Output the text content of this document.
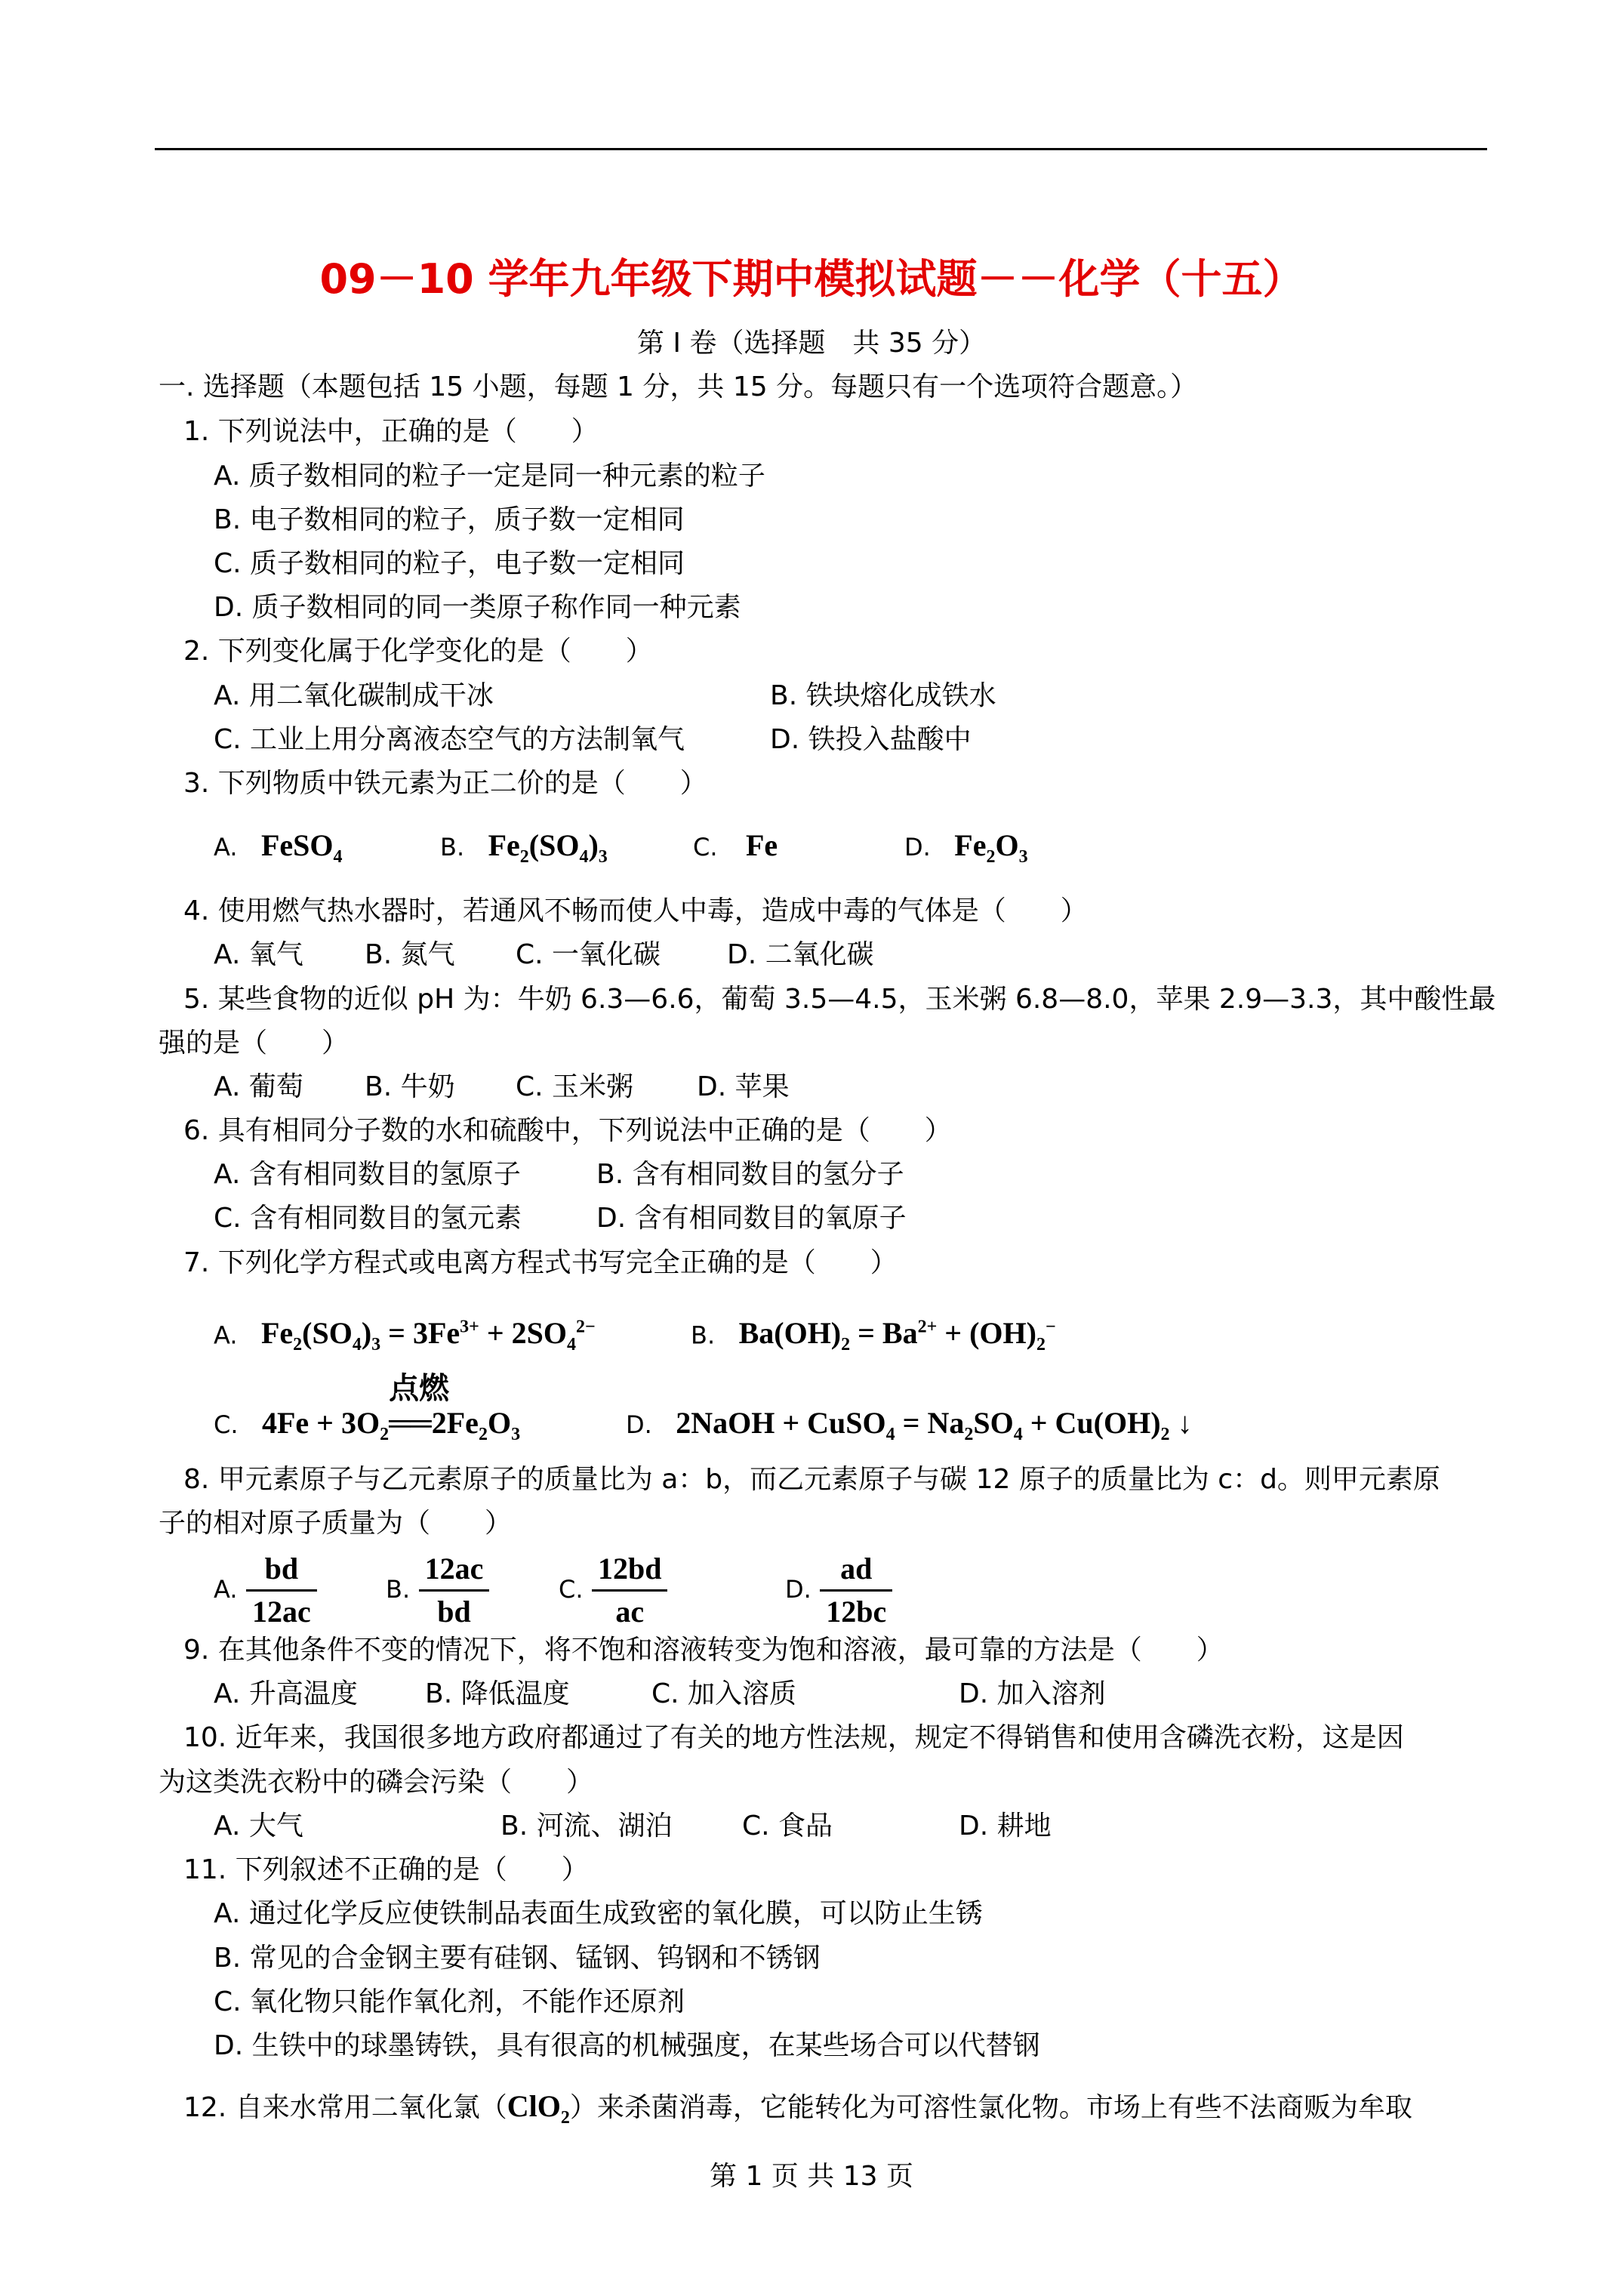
09－10 学年九年级下期中模拟试题－－化学（十五）
第 I 卷（选择题　共 35 分）
一. 选择题（本题包括 15 小题，每题 1 分，共 15 分。每题只有一个选项符合题意。）
1. 下列说法中，正确的是（　　）
A. 质子数相同的粒子一定是同一种元素的粒子
B. 电子数相同的粒子，质子数一定相同
C. 质子数相同的粒子，电子数一定相同
D. 质子数相同的同一类原子称作同一种元素
2. 下列变化属于化学变化的是（　　）
A. 用二氧化碳制成干冰	B. 铁块熔化成铁水
C. 工业上用分离液态空气的方法制氧气	D. 铁投入盐酸中
3. 下列物质中铁元素为正二价的是（　　）
A.   FeSO$_4$	B.   $Fe_2(SO_4)_3$	C. Fe	D.   $Fe_2O_3$
4. 使用燃气热水器时，若通风不畅而使人中毒，造成中毒的气体是（　　）
A. 氧气 B. 氮气 C. 一氧化碳 D. 二氧化碳
5. 某些食物的近似 pH 为：牛奶 6.3—6.6，葡萄 3.5—4.5，玉米粥 6.8—8.0，苹果 2.9—3.3，其中酸性最
强的是（　　）
A. 葡萄 B. 牛奶 C. 玉米粥 D. 苹果
6. 具有相同分子数的水和硫酸中，下列说法中正确的是（　　）
A. 含有相同数目的氢原子	B. 含有相同数目的氢分子
C. 含有相同数目的氢元素	D. 含有相同数目的氧原子
7. 下列化学方程式或电离方程式书写完全正确的是（　　）
A.   $Fe_2(SO_4)_3 = 3Fe^{3+} + 2SO_4^{2-}$	B.   $Ba(OH)_2 = Ba^{2+} + (OH)_2^-$
C.   $4Fe + 3O_2$
点燃
$══2Fe_2O_3$	D.   2NaOH + CuSO$_4$ = $Na_2SO_4 + Cu(OH)_2$ ↓
8. 甲元素原子与乙元素原子的质量比为 a：b，而乙元素原子与碳 12 原子的质量比为 c：d。则甲元素原
子的相对原子质量为（　　）
A. $\frac{bd}{12ac}$	B. $\frac{12ac}{bd}$	C. $\frac{12bd}{ac}$	D. $\frac{ad}{12bc}$
9. 在其他条件不变的情况下，将不饱和溶液转变为饱和溶液，最可靠的方法是（　　）
A. 升高温度 B. 降低温度	C. 加入溶质	D. 加入溶剂
10. 近年来，我国很多地方政府都通过了有关的地方性法规，规定不得销售和使用含磷洗衣粉，这是因
为这类洗衣粉中的磷会污染（　　）
A. 大气	B. 河流、湖泊	C. 食品	D. 耕地
11. 下列叙述不正确的是（　　）
A. 通过化学反应使铁制品表面生成致密的氧化膜，可以防止生锈
B. 常见的合金钢主要有硅钢、锰钢、钨钢和不锈钢
C. 氧化物只能作氧化剂，不能作还原剂
D. 生铁中的球墨铸铁，具有很高的机械强度，在某些场合可以代替钢
12. 自来水常用二氧化氯（ClO$_2$）来杀菌消毒，它能转化为可溶性氯化物。市场上有些不法商贩为牟取
第 1 页 共 13 页
